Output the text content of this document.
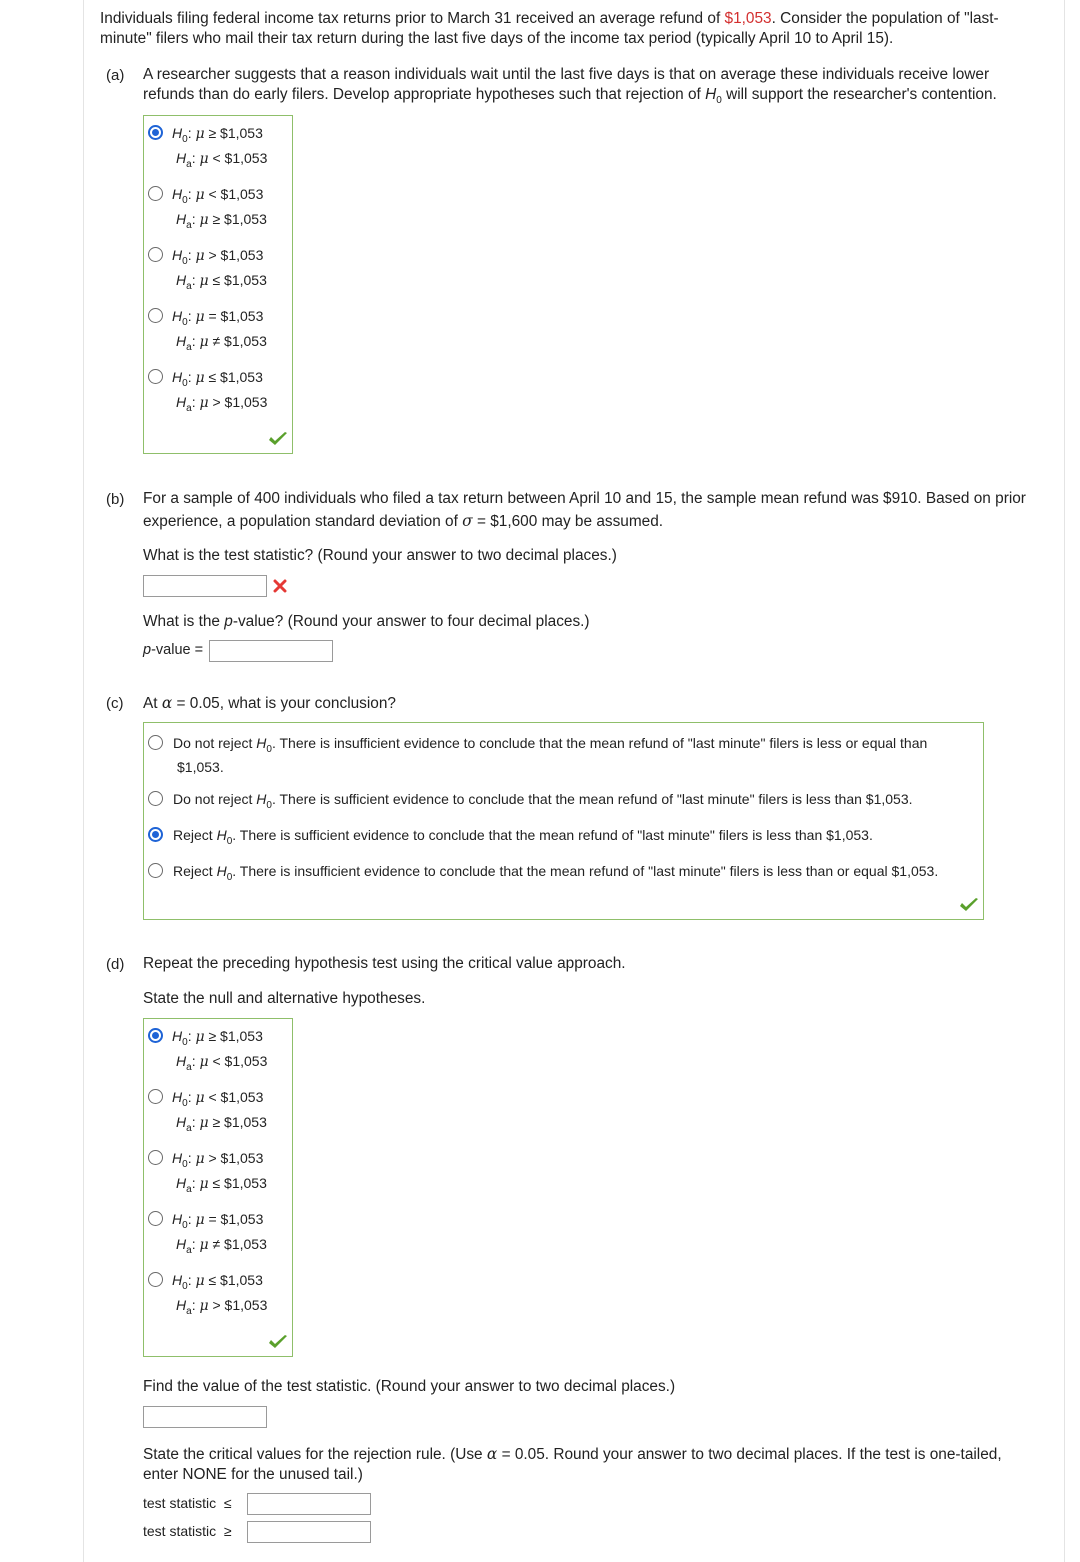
Individuals filing federal income tax returns prior to March 31 received an average refund of $1,053. Consider the population of "last-
minute" filers who mail their tax return during the last five days of the income tax period (typically April 10 to April 15).
(a) A researcher suggests that a reason individuals wait until the last five days is that on average these individuals receive lower
refunds than do early filers. Develop appropriate hypotheses such that rejection of $H_0$ will support the researcher's contention.
$H_0$: μ ≥ $1,053
$H_a$: μ < $1,053
$H_0$: μ < $1,053
$H_a$: μ ≥ $1,053
$H_0$: μ > $1,053
$H_a$: μ ≤ $1,053
$H_0$: μ = $1,053
$H_a$: μ ≠ $1,053
$H_0$: μ ≤ $1,053
$H_a$: μ > $1,053
(b) For a sample of 400 individuals who filed a tax return between April 10 and 15, the sample mean refund was $910. Based on prior
experience, a population standard deviation of σ = $1,600 may be assumed.
What is the test statistic? (Round your answer to two decimal places.)
What is the p-value? (Round your answer to four decimal places.)
p-value =
(c) At α = 0.05, what is your conclusion?
Do not reject $H_0$. There is insufficient evidence to conclude that the mean refund of "last minute" filers is less or equal than
$1,053.
Do not reject $H_0$. There is sufficient evidence to conclude that the mean refund of "last minute" filers is less than $1,053.
Reject $H_0$. There is sufficient evidence to conclude that the mean refund of "last minute" filers is less than $1,053.
Reject $H_0$. There is insufficient evidence to conclude that the mean refund of "last minute" filers is less than or equal $1,053.
(d) Repeat the preceding hypothesis test using the critical value approach.
State the null and alternative hypotheses.
$H_0$: μ ≥ $1,053
$H_a$: μ < $1,053
$H_0$: μ < $1,053
$H_a$: μ ≥ $1,053
$H_0$: μ > $1,053
$H_a$: μ ≤ $1,053
$H_0$: μ = $1,053
$H_a$: μ ≠ $1,053
$H_0$: μ ≤ $1,053
$H_a$: μ > $1,053
Find the value of the test statistic. (Round your answer to two decimal places.)
State the critical values for the rejection rule. (Use α = 0.05. Round your answer to two decimal places. If the test is one-tailed,
enter NONE for the unused tail.)
test statistic  ≤
test statistic  ≥
